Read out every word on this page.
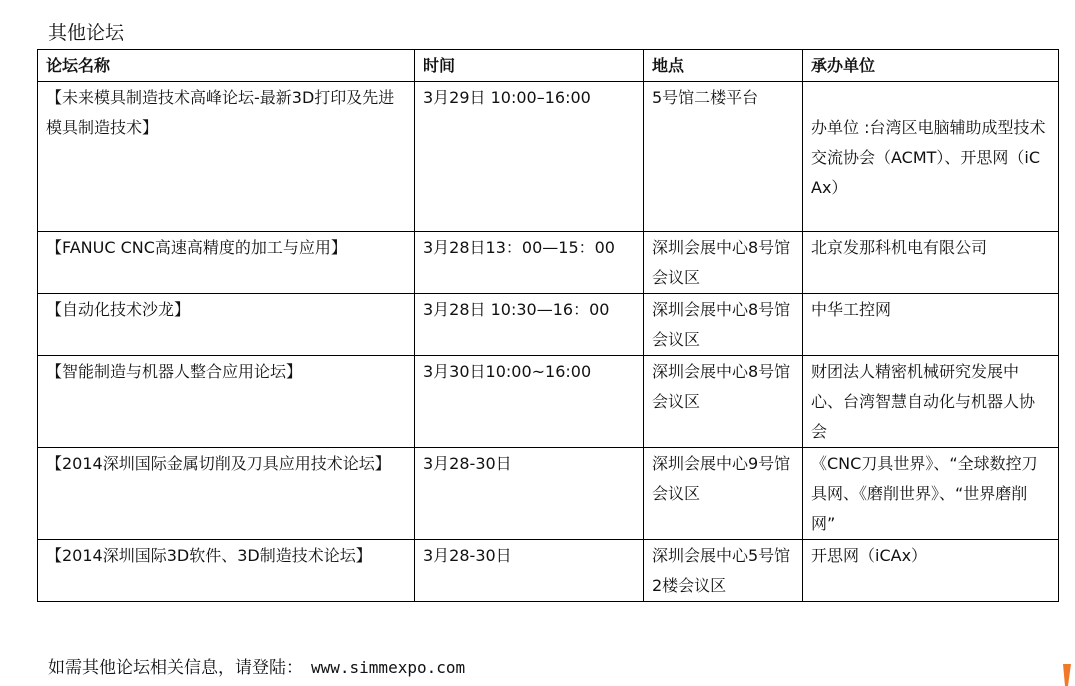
其他论坛
论坛名称	时间	地点	承办单位
【未来模具制造技术高峰论坛-最新3D打印及先进模具制造技术】	3月29日 10:00–16:00	5号馆二楼平台	办单位 :台湾区电脑辅助成型技术交流协会（ACMT）、开思网（iCAx）
【FANUC CNC高速高精度的加工与应用】	3月28日13：00—15：00	深圳会展中心8号馆会议区	北京发那科机电有限公司
【自动化技术沙龙】	3月28日 10:30—16：00	深圳会展中心8号馆会议区	中华工控网
【智能制造与机器人整合应用论坛】	3月30日10:00~16:00	深圳会展中心8号馆会议区	财团法人精密机械研究发展中心、台湾智慧自动化与机器人协会
【2014深圳国际金属切削及刀具应用技术论坛】	3月28-30日	深圳会展中心9号馆会议区	《CNC刀具世界》、“全球数控刀具网、《磨削世界》、“世界磨削网”
【2014深圳国际3D软件、3D制造技术论坛】	3月28-30日	深圳会展中心5号馆2楼会议区	开思网（iCAx）
如需其他论坛相关信息，请登陆： www.simmexpo.com
